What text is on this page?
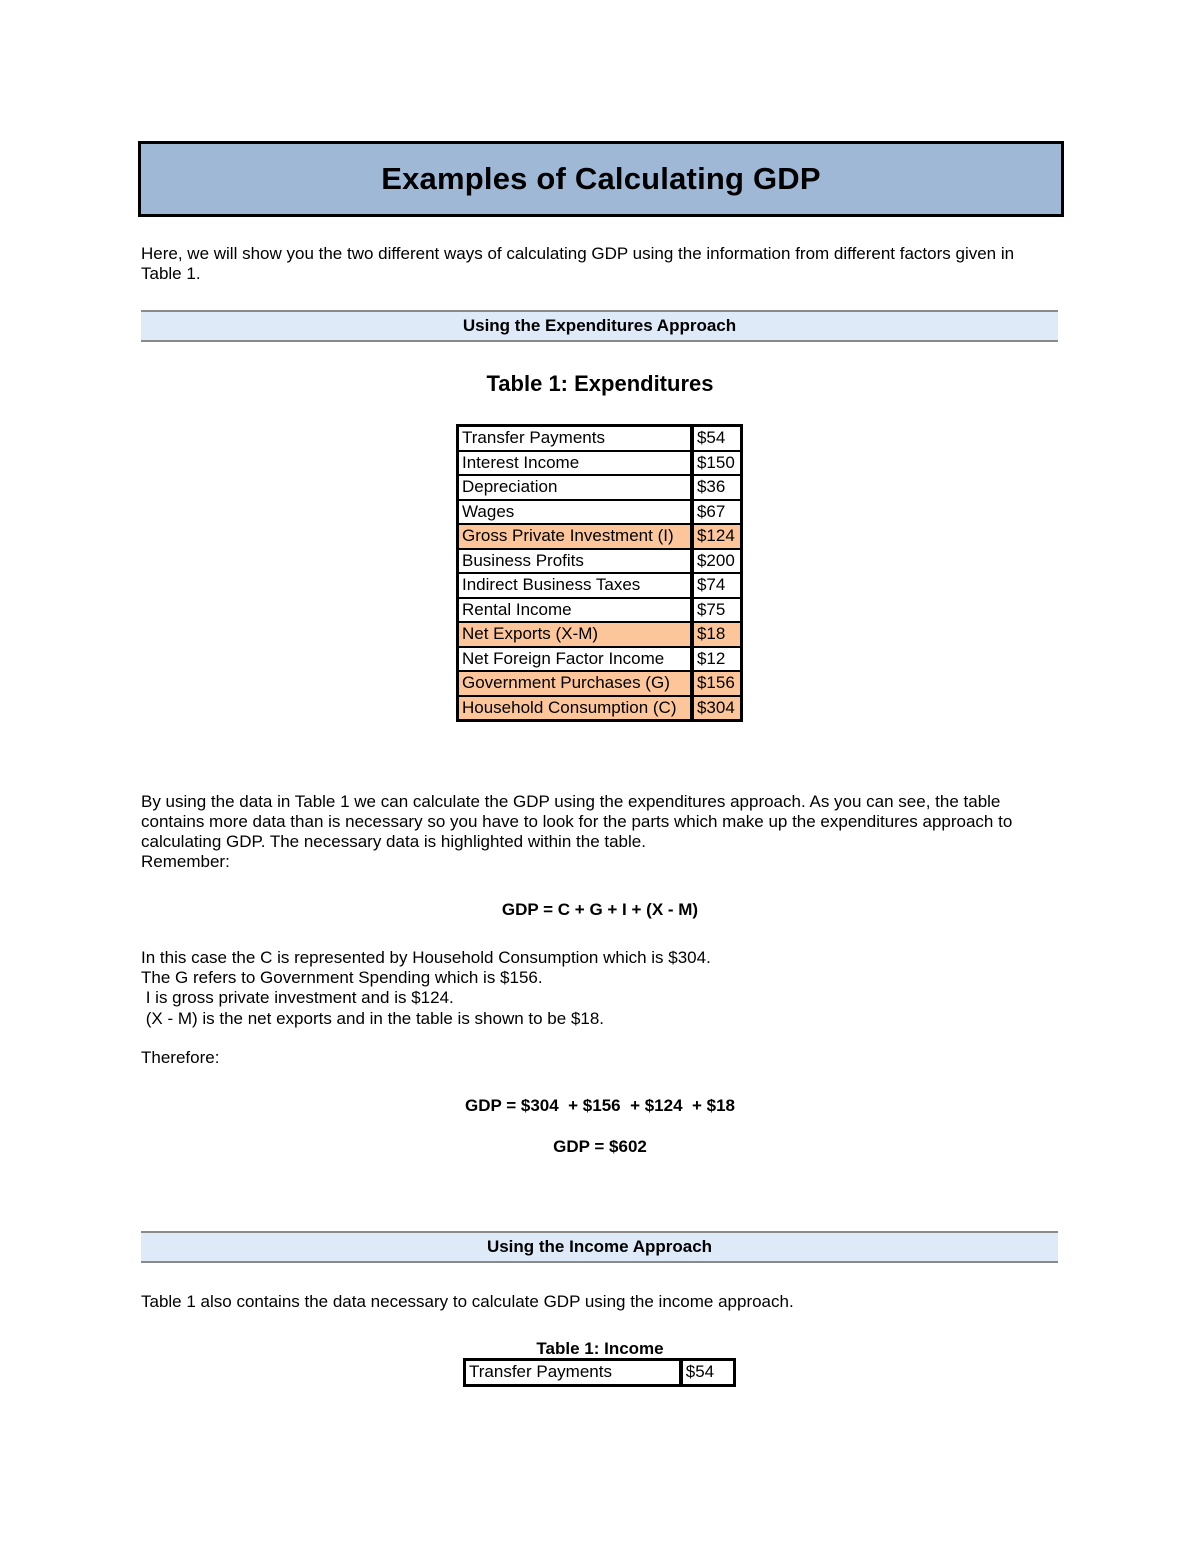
Examples of Calculating GDP

Here, we will show you the two different ways of calculating GDP using the information from different factors given in Table 1.

Using the Expenditures Approach

Table 1: Expenditures

Transfer Payments	$54
Interest Income	$150
Depreciation	$36
Wages	$67
Gross Private Investment (I)	$124
Business Profits	$200
Indirect Business Taxes	$74
Rental Income	$75
Net Exports (X-M)	$18
Net Foreign Factor Income	$12
Government Purchases (G)	$156
Household Consumption (C)	$304

By using the data in Table 1 we can calculate the GDP using the expenditures approach. As you can see, the table contains more data than is necessary so you have to look for the parts which make up the expenditures approach to calculating GDP. The necessary data is highlighted within the table.

Remember:

GDP = C + G + I + (X - M)

In this case the C is represented by Household Consumption which is $304.

The G refers to Government Spending which is $156.

I is gross private investment and is $124.

(X - M) is the net exports and in the table is shown to be $18.

Therefore:

GDP = $304  + $156  + $124  + $18

GDP = $602

Using the Income Approach

Table 1 also contains the data necessary to calculate GDP using the income approach.

Table 1: Income

Transfer Payments	$54
